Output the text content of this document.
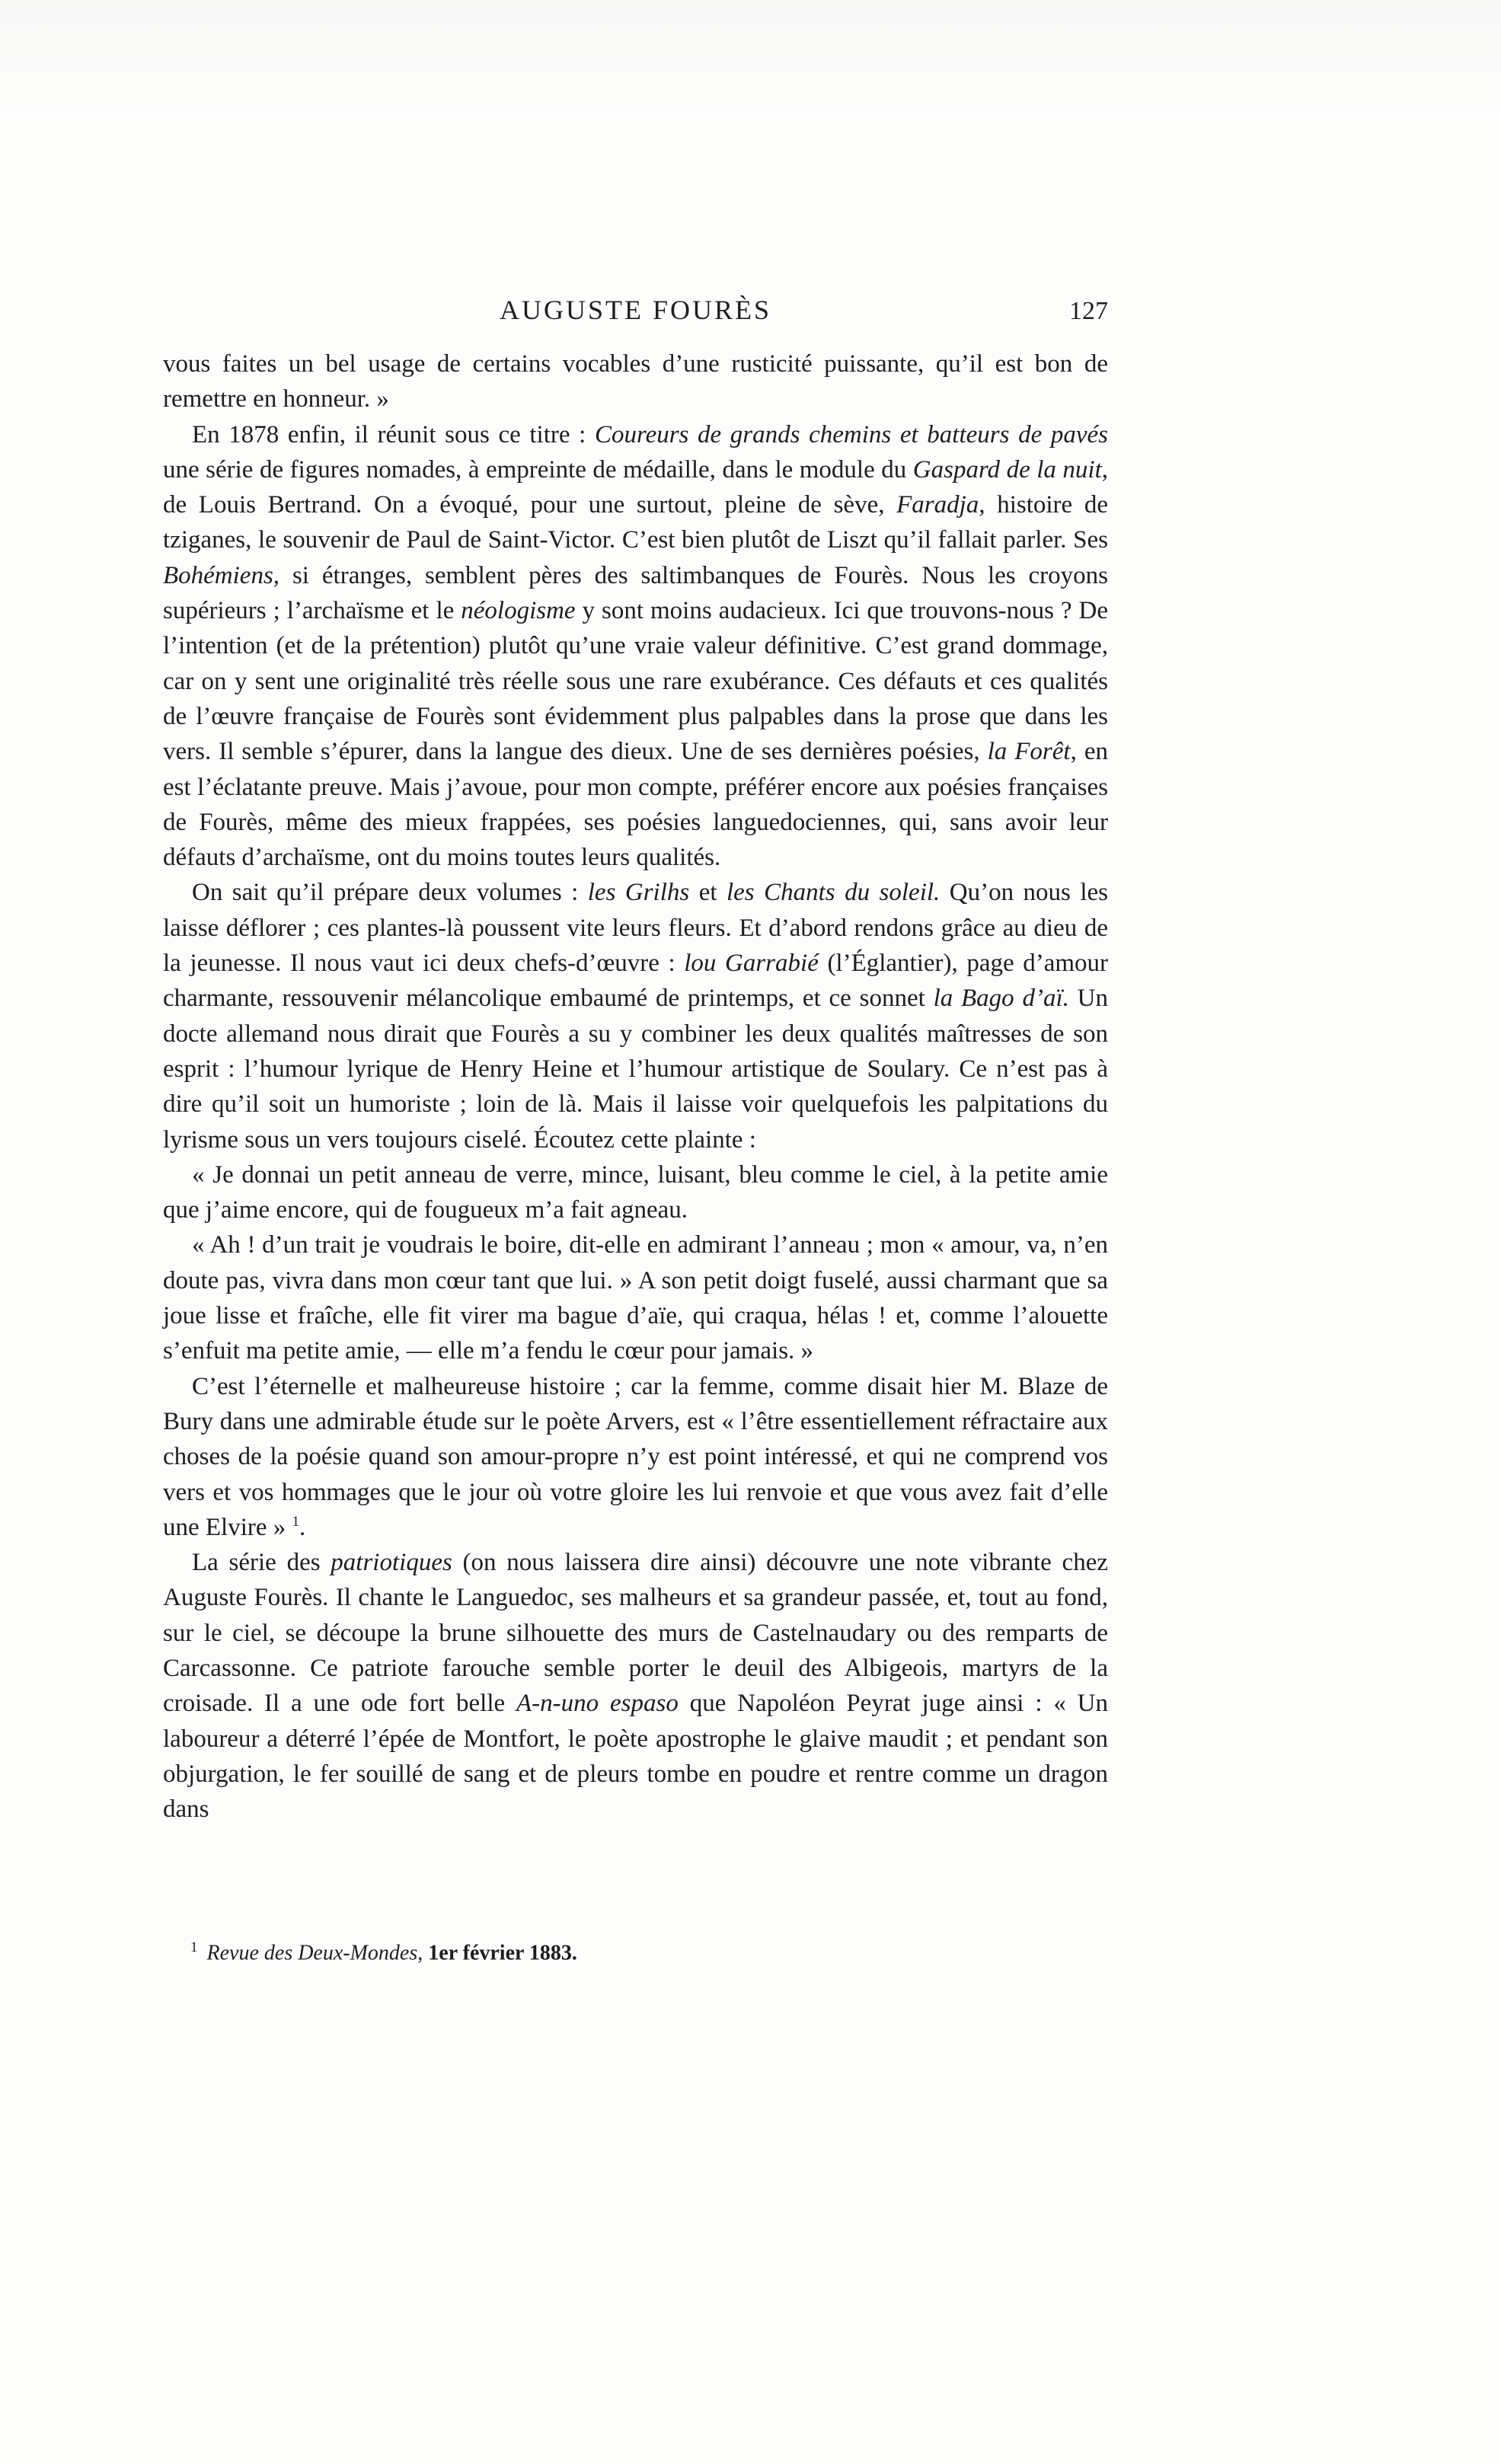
AUGUSTE FOURÈS	127

vous faites un bel usage de certains vocables d’une rusticité puissante, qu’il est bon de remettre en honneur. »

En 1878 enfin, il réunit sous ce titre : Coureurs de grands chemins et batteurs de pavés une série de figures nomades, à empreinte de médaille, dans le module du Gaspard de la nuit, de Louis Bertrand. On a évoqué, pour une surtout, pleine de sève, Faradja, histoire de tziganes, le souvenir de Paul de Saint-Victor. C’est bien plutôt de Liszt qu’il fallait parler. Ses Bohémiens, si étranges, semblent pères des saltimbanques de Fourès. Nous les croyons supérieurs ; l’archaïsme et le néologisme y sont moins audacieux. Ici que trouvons-nous ? De l’intention (et de la prétention) plutôt qu’une vraie valeur définitive. C’est grand dommage, car on y sent une originalité très réelle sous une rare exubérance. Ces défauts et ces qualités de l’œuvre française de Fourès sont évidemment plus palpables dans la prose que dans les vers. Il semble s’épurer, dans la langue des dieux. Une de ses dernières poésies, la Forêt, en est l’éclatante preuve. Mais j’avoue, pour mon compte, préférer encore aux poésies françaises de Fourès, même des mieux frappées, ses poésies languedociennes, qui, sans avoir leur défauts d’archaïsme, ont du moins toutes leurs qualités.

On sait qu’il prépare deux volumes : les Grilhs et les Chants du soleil. Qu’on nous les laisse déflorer ; ces plantes-là poussent vite leurs fleurs. Et d’abord rendons grâce au dieu de la jeunesse. Il nous vaut ici deux chefs-d’œuvre : lou Garrabié (l’Églantier), page d’amour charmante, ressouvenir mélancolique embaumé de printemps, et ce sonnet la Bago d’aï. Un docte allemand nous dirait que Fourès a su y combiner les deux qualités maîtresses de son esprit : l’humour lyrique de Henry Heine et l’humour artistique de Soulary. Ce n’est pas à dire qu’il soit un humoriste ; loin de là. Mais il laisse voir quelquefois les palpitations du lyrisme sous un vers toujours ciselé. Écoutez cette plainte :

« Je donnai un petit anneau de verre, mince, luisant, bleu comme le ciel, à la petite amie que j’aime encore, qui de fougueux m’a fait agneau.

« Ah ! d’un trait je voudrais le boire, dit-elle en admirant l’anneau ; mon « amour, va, n’en doute pas, vivra dans mon cœur tant que lui. » A son petit doigt fuselé, aussi charmant que sa joue lisse et fraîche, elle fit virer ma bague d’aïe, qui craqua, hélas ! et, comme l’alouette s’enfuit ma petite amie, — elle m’a fendu le cœur pour jamais. »

C’est l’éternelle et malheureuse histoire ; car la femme, comme disait hier M. Blaze de Bury dans une admirable étude sur le poète Arvers, est « l’être essentiellement réfractaire aux choses de la poésie quand son amour-propre n’y est point intéressé, et qui ne comprend vos vers et vos hommages que le jour où votre gloire les lui renvoie et que vous avez fait d’elle une Elvire » $^1$.

La série des patriotiques (on nous laissera dire ainsi) découvre une note vibrante chez Auguste Fourès. Il chante le Languedoc, ses malheurs et sa grandeur passée, et, tout au fond, sur le ciel, se découpe la brune silhouette des murs de Castelnaudary ou des remparts de Carcassonne. Ce patriote farouche semble porter le deuil des Albigeois, martyrs de la croisade. Il a une ode fort belle A-n-uno espaso que Napoléon Peyrat juge ainsi : « Un laboureur a déterré l’épée de Montfort, le poète apostrophe le glaive maudit ; et pendant son objurgation, le fer souillé de sang et de pleurs tombe en poudre et rentre comme un dragon dans

$^1$ Revue des Deux-Mondes, 1er février 1883.
